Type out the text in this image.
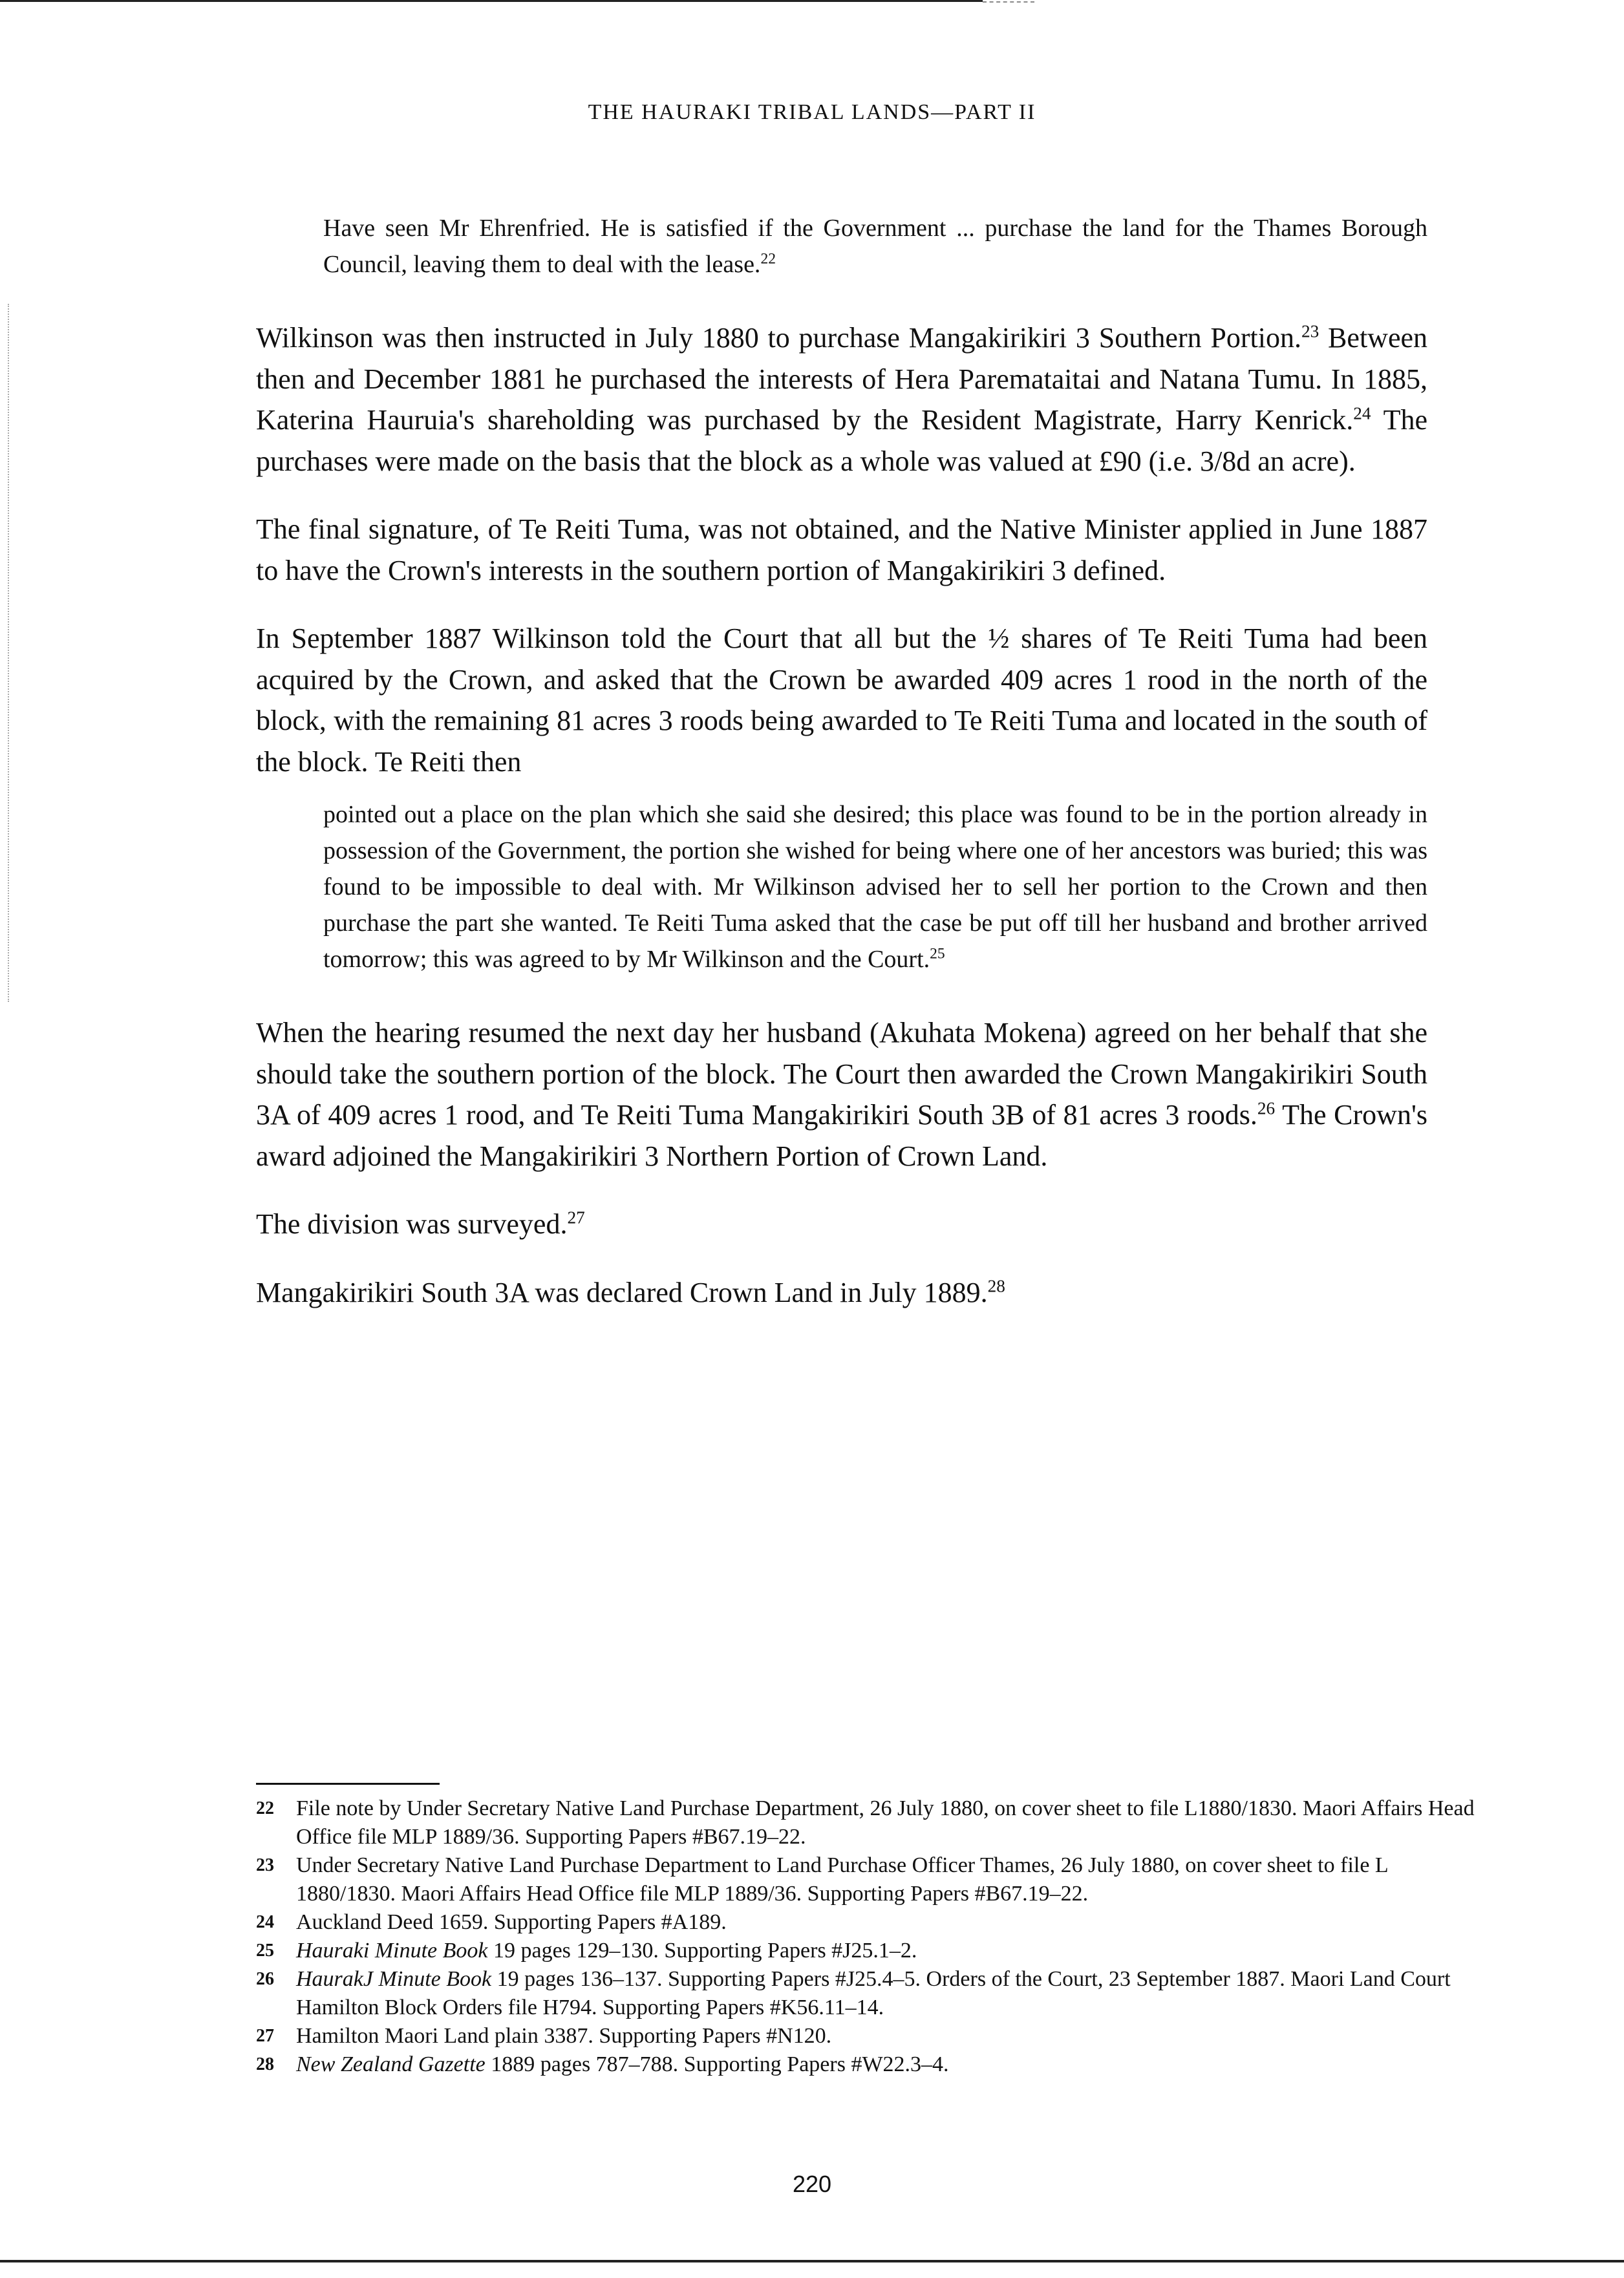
THE HAURAKI TRIBAL LANDS—PART II

Have seen Mr Ehrenfried. He is satisfied if the Government ... purchase the land for the Thames Borough Council, leaving them to deal with the lease.$^{22}$

Wilkinson was then instructed in July 1880 to purchase Mangakirikiri 3 Southern Portion.$^{23}$ Between then and December 1881 he purchased the interests of Hera Paremataitai and Natana Tumu. In 1885, Katerina Hauruia's shareholding was purchased by the Resident Magistrate, Harry Kenrick.$^{24}$ The purchases were made on the basis that the block as a whole was valued at £90 (i.e. 3/8d an acre).

The final signature, of Te Reiti Tuma, was not obtained, and the Native Minister applied in June 1887 to have the Crown's interests in the southern portion of Mangakirikiri 3 defined.

In September 1887 Wilkinson told the Court that all but the ½ shares of Te Reiti Tuma had been acquired by the Crown, and asked that the Crown be awarded 409 acres 1 rood in the north of the block, with the remaining 81 acres 3 roods being awarded to Te Reiti Tuma and located in the south of the block. Te Reiti then

pointed out a place on the plan which she said she desired; this place was found to be in the portion already in possession of the Government, the portion she wished for being where one of her ancestors was buried; this was found to be impossible to deal with. Mr Wilkinson advised her to sell her portion to the Crown and then purchase the part she wanted. Te Reiti Tuma asked that the case be put off till her husband and brother arrived tomorrow; this was agreed to by Mr Wilkinson and the Court.$^{25}$

When the hearing resumed the next day her husband (Akuhata Mokena) agreed on her behalf that she should take the southern portion of the block. The Court then awarded the Crown Mangakirikiri South 3A of 409 acres 1 rood, and Te Reiti Tuma Mangakirikiri South 3B of 81 acres 3 roods.$^{26}$ The Crown's award adjoined the Mangakirikiri 3 Northern Portion of Crown Land.

The division was surveyed.$^{27}$

Mangakirikiri South 3A was declared Crown Land in July 1889.28

22	File note by Under Secretary Native Land Purchase Department, 26 July 1880, on cover sheet to file L1880/1830. Maori Affairs Head Office file MLP 1889/36. Supporting Papers #B67.19–22.
23	Under Secretary Native Land Purchase Department to Land Purchase Officer Thames, 26 July 1880, on cover sheet to file L 1880/1830. Maori Affairs Head Office file MLP 1889/36. Supporting Papers #B67.19–22.
24	Auckland Deed 1659. Supporting Papers #A189.
25	Hauraki Minute Book 19 pages 129–130. Supporting Papers #J25.1–2.
26	HaurakJ Minute Book 19 pages 136–137. Supporting Papers #J25.4–5. Orders of the Court, 23 September 1887. Maori Land Court Hamilton Block Orders file H794. Supporting Papers #K56.11–14.
27	Hamilton Maori Land plain 3387. Supporting Papers #N120.
28	New Zealand Gazette 1889 pages 787–788. Supporting Papers #W22.3–4.
220
